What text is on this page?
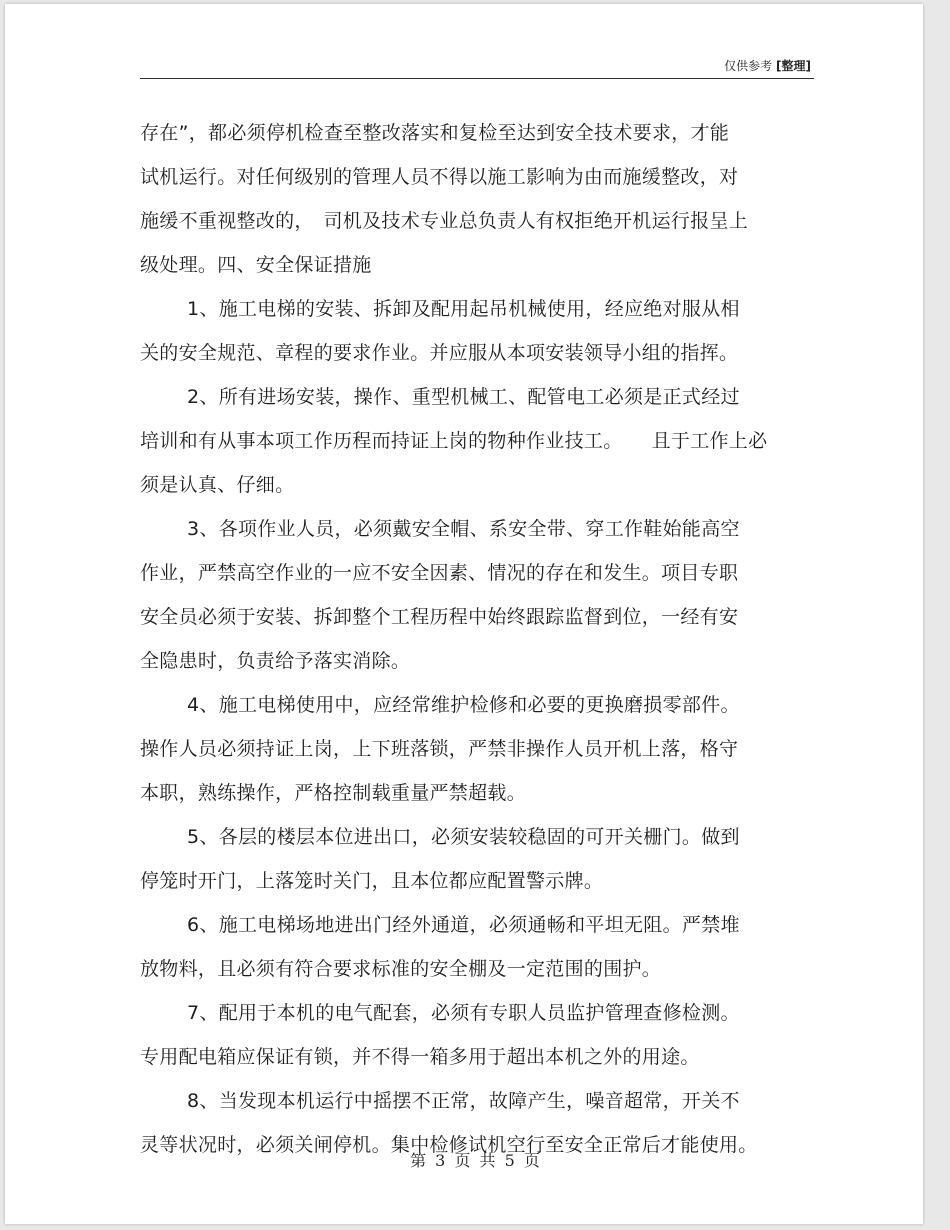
仅供参考 [整理]
存在”，都必须停机检查至整改落实和复检至达到安全技术要求，才能
试机运行。对任何级别的管理人员不得以施工影响为由而施缓整改，对
施缓不重视整改的，　司机及技术专业总负责人有权拒绝开机运行报呈上
级处理。四、安全保证措施
1、施工电梯的安装、拆卸及配用起吊机械使用，经应绝对服从相
关的安全规范、章程的要求作业。并应服从本项安装领导小组的指挥。
2、所有进场安装，操作、重型机械工、配管电工必须是正式经过
培训和有从事本项工作历程而持证上岗的物种作业技工。　　且于工作上必
须是认真、仔细。
3、各项作业人员，必须戴安全帽、系安全带、穿工作鞋始能高空
作业，严禁高空作业的一应不安全因素、情况的存在和发生。项目专职
安全员必须于安装、拆卸整个工程历程中始终跟踪监督到位，一经有安
全隐患时，负责给予落实消除。
4、施工电梯使用中，应经常维护检修和必要的更换磨损零部件。
操作人员必须持证上岗，上下班落锁，严禁非操作人员开机上落，格守
本职，熟练操作，严格控制载重量严禁超载。
5、各层的楼层本位进出口，必须安装较稳固的可开关栅门。做到
停笼时开门，上落笼时关门，且本位都应配置警示牌。
6、施工电梯场地进出门经外通道，必须通畅和平坦无阻。严禁堆
放物料，且必须有符合要求标准的安全棚及一定范围的围护。
7、配用于本机的电气配套，必须有专职人员监护管理查修检测。
专用配电箱应保证有锁，并不得一箱多用于超出本机之外的用途。
8、当发现本机运行中摇摆不正常，故障产生，噪音超常，开关不
灵等状况时，必须关闸停机。集中检修试机空行至安全正常后才能使用。
第 3 页 共 5 页
